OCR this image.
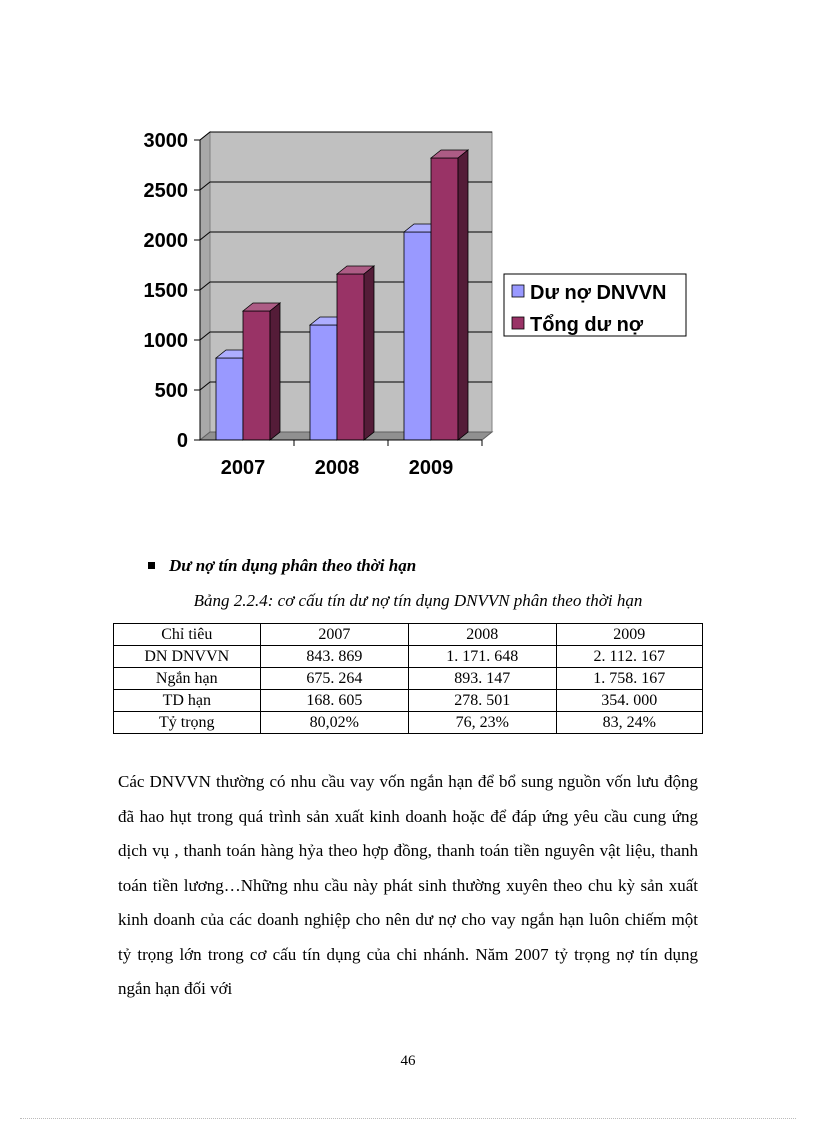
3000
2500
2000
1500
1000
500
0
2007 2008 2009
Dư nợ DNVVN
Tổng dư nợ
Dư nợ tín dụng phân theo thời hạn
Bảng 2.2.4: cơ cấu tín dư nợ tín dụng DNVVN phân theo thời hạn
Chỉ tiêu	2007	2008	2009
DN DNVVN	843. 869	1. 171. 648	2. 112. 167
Ngắn hạn	675. 264	893. 147	1. 758. 167
TD hạn	168. 605	278. 501	354. 000
Tỷ trọng	80,02%	76, 23%	83, 24%

Các DNVVN thường có nhu cầu vay vốn ngắn hạn để bổ sung nguồn vốn lưu động đã hao hụt trong quá trình sản xuất kinh doanh hoặc để đáp ứng yêu cầu cung ứng dịch vụ , thanh toán hàng hỷa theo hợp đồng, thanh toán tiền nguyên vật liệu, thanh toán tiền lương…Những nhu cầu này phát sinh thường xuyên theo chu kỳ sản xuất kinh doanh của các doanh nghiệp cho nên dư nợ cho vay ngắn hạn luôn chiếm một tỷ trọng lớn trong cơ cấu tín dụng của chi nhánh. Năm 2007 tỷ trọng nợ tín dụng ngắn hạn đối với

46
